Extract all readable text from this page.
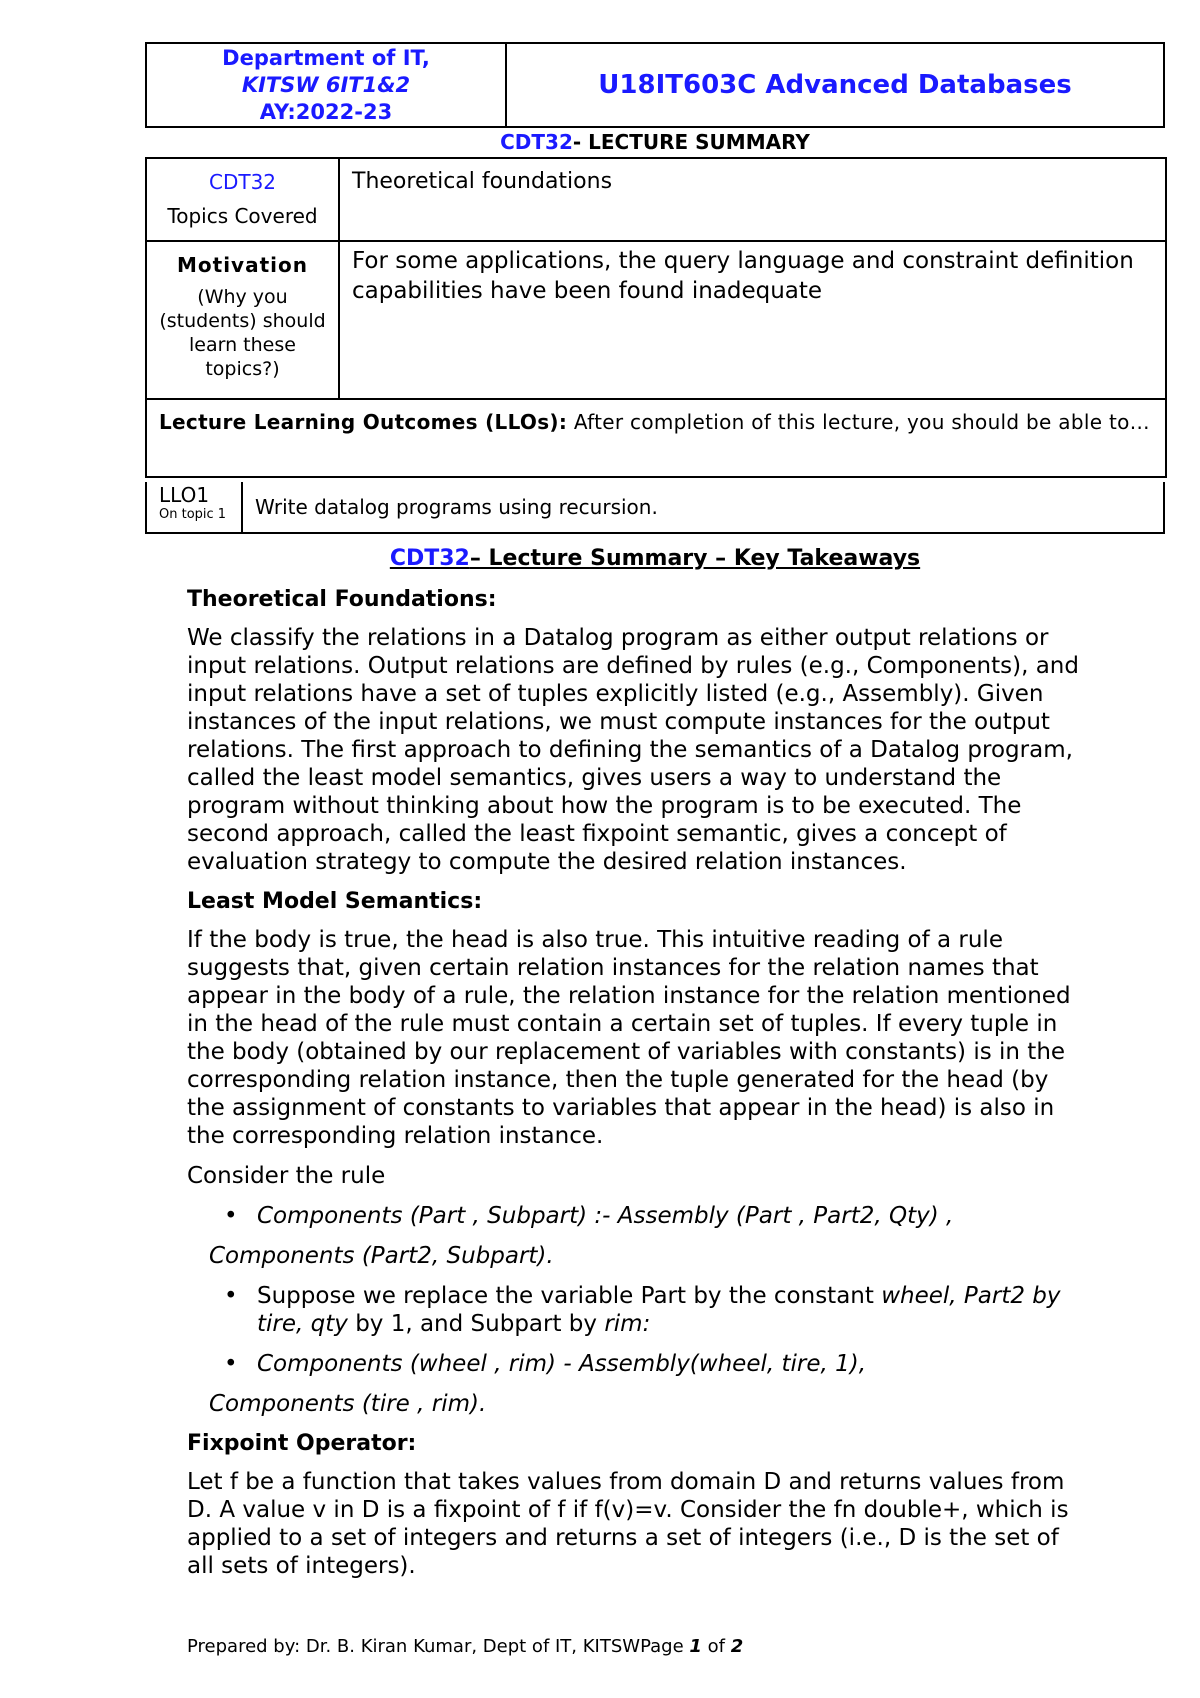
Department of IT,
KITSW 6IT1&2
AY:2022-23
U18IT603C Advanced Databases
CDT32- LECTURE SUMMARY
CDT32
Topics Covered	Theoretical foundations

Motivation
(Why you (students) should learn these topics?)	For some applications, the query language and constraint definition capabilities have been found inadequate
Lecture Learning Outcomes (LLOs): After completion of this lecture, you should be able to…	
LLO1
On topic 1	Write datalog programs using recursion.
CDT32– Lecture Summary – Key Takeaways
Theoretical Foundations:

We classify the relations in a Datalog program as either output relations or input relations. Output relations are defined by rules (e.g., Components), and input relations have a set of tuples explicitly listed (e.g., Assembly). Given instances of the input relations, we must compute instances for the output relations. The first approach to defining the semantics of a Datalog program, called the least model semantics, gives users a way to understand the program without thinking about how the program is to be executed. The second approach, called the least fixpoint semantic, gives a concept of evaluation strategy to compute the desired relation instances.

Least Model Semantics:

If the body is true, the head is also true. This intuitive reading of a rule suggests that, given certain relation instances for the relation names that appear in the body of a rule, the relation instance for the relation mentioned in the head of the rule must contain a certain set of tuples. If every tuple in the body (obtained by our replacement of variables with constants) is in the corresponding relation instance, then the tuple generated for the head (by the assignment of constants to variables that appear in the head) is also in the corresponding relation instance.

Consider the rule

• Components (Part , Subpart) :- Assembly (Part , Part2, Qty) ,
Components (Part2, Subpart).
• Suppose we replace the variable Part by the constant wheel, Part2 by tire, qty by 1, and Subpart by rim:
• Components (wheel , rim) - Assembly(wheel, tire, 1),
Components (tire , rim).
Fixpoint Operator:

Let f be a function that takes values from domain D and returns values from D. A value v in D is a fixpoint of f if f(v)=v. Consider the fn double+, which is applied to a set of integers and returns a set of integers (i.e., D is the set of all sets of integers).

Prepared by: Dr. B. Kiran Kumar, Dept of IT, KITSWPage 1 of 2
